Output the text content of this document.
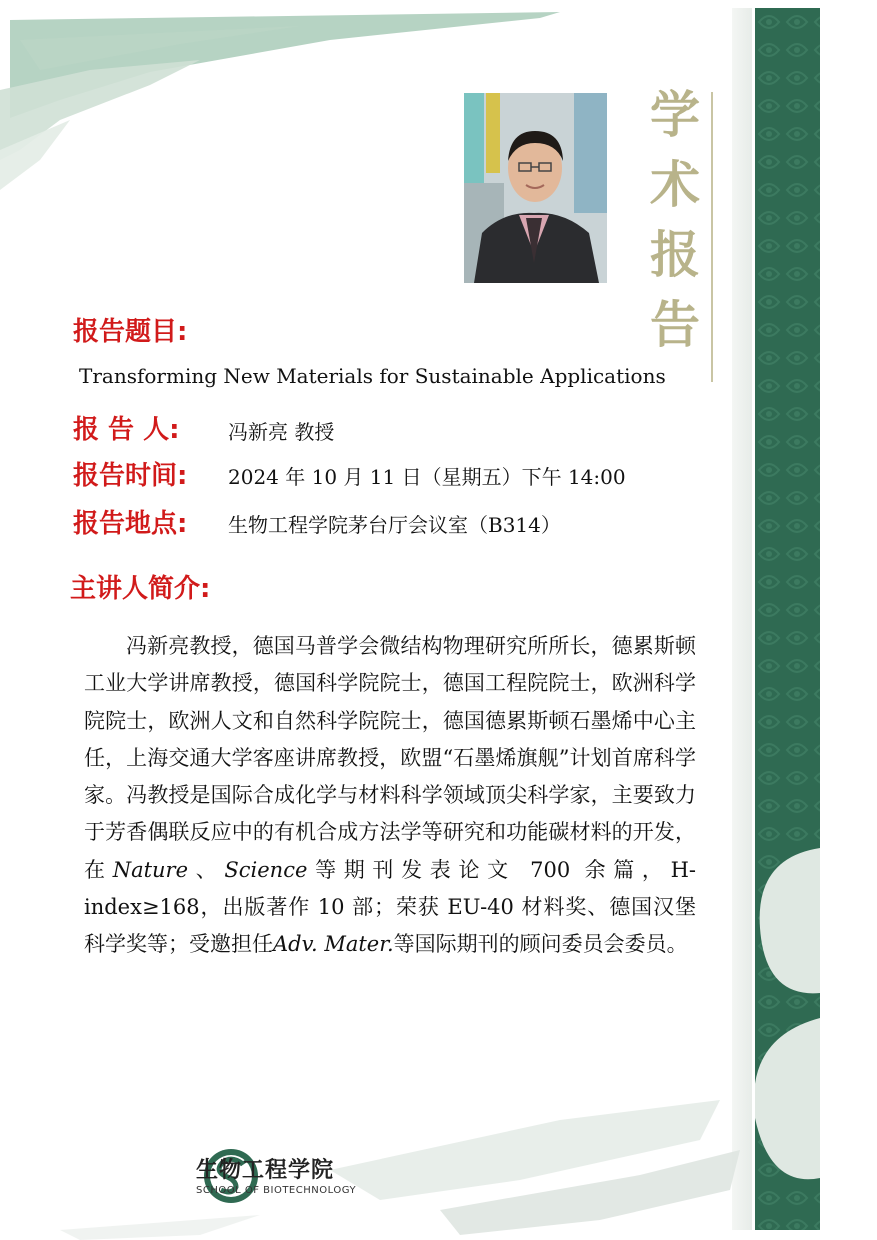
学
术
报
告
报告题目:
Transforming New Materials for Sustainable Applications
报 告 人: 冯新亮 教授
报告时间: 2024 年 10 月 11 日（星期五）下午 14:00
报告地点: 生物工程学院茅台厅会议室（B314）
主讲人简介:
冯新亮教授，德国马普学会微结构物理研究所所长，德累斯顿工业大学讲席教授，德国科学院院士，德国工程院院士，欧洲科学院院士，欧洲人文和自然科学院院士，德国德累斯顿石墨烯中心主任，上海交通大学客座讲席教授，欧盟“石墨烯旗舰”计划首席科学家。冯教授是国际合成化学与材料科学领域顶尖科学家，主要致力于芳香偶联反应中的有机合成方法学等研究和功能碳材料的开发，在Nature、Science等期刊发表论文 700 余篇，H-index≥168，出版著作 10 部；荣获 EU-40 材料奖、德国汉堡科学奖等；受邀担任Adv. Mater.等国际期刊的顾问委员会委员。
生物工程学院
SCHOOL OF BIOTECHNOLOGY
